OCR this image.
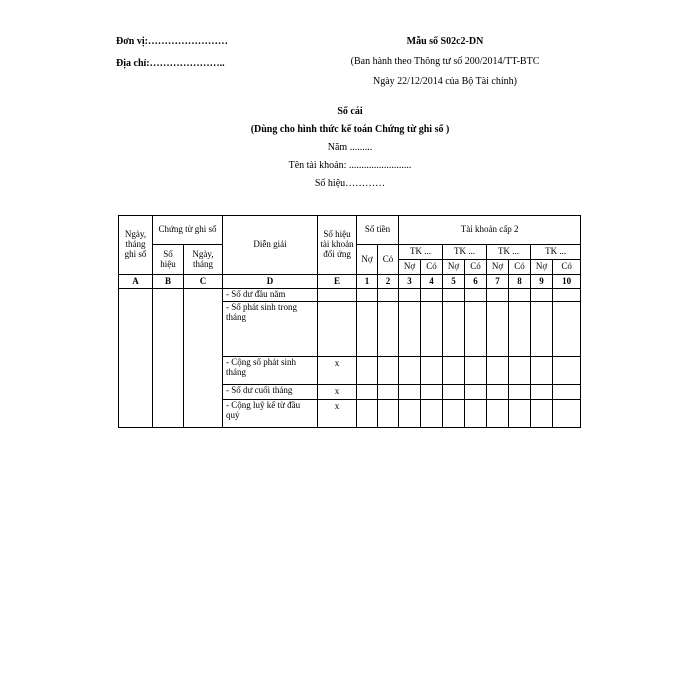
Đơn vị:……………………
Địa chỉ:…………………..
Mẫu số S02c2-DN
(Ban hành theo Thông tư số 200/2014/TT-BTC
Ngày 22/12/2014 của Bộ Tài chính)
Sổ cái
(Dùng cho hình thức kế toán Chứng từ ghi sổ )
Năm .........
Tên tài khoản: .........................
Số hiệu…………
Ngày, tháng ghi sổ	Chứng từ ghi sổ		Diễn giải	Số hiệu tài khoản đối ứng	Số tiền		Tài khoản cấp 2							
	Số hiệu	Ngày, tháng			Nợ	Có	TK ...		TK ...		TK ...		TK ...	
							Nợ	Có	Nợ	Có	Nợ	Có	Nợ	Có
A	B	C	D	E	1	2	3	4	5	6	7	8	9	10
			- Số dư đầu năm											
			- Số phát sinh trong tháng											
			- Cộng số phát sinh tháng	x										
			- Số dư cuối tháng	x										
			- Cộng luỹ kế từ đầu quý	x										
